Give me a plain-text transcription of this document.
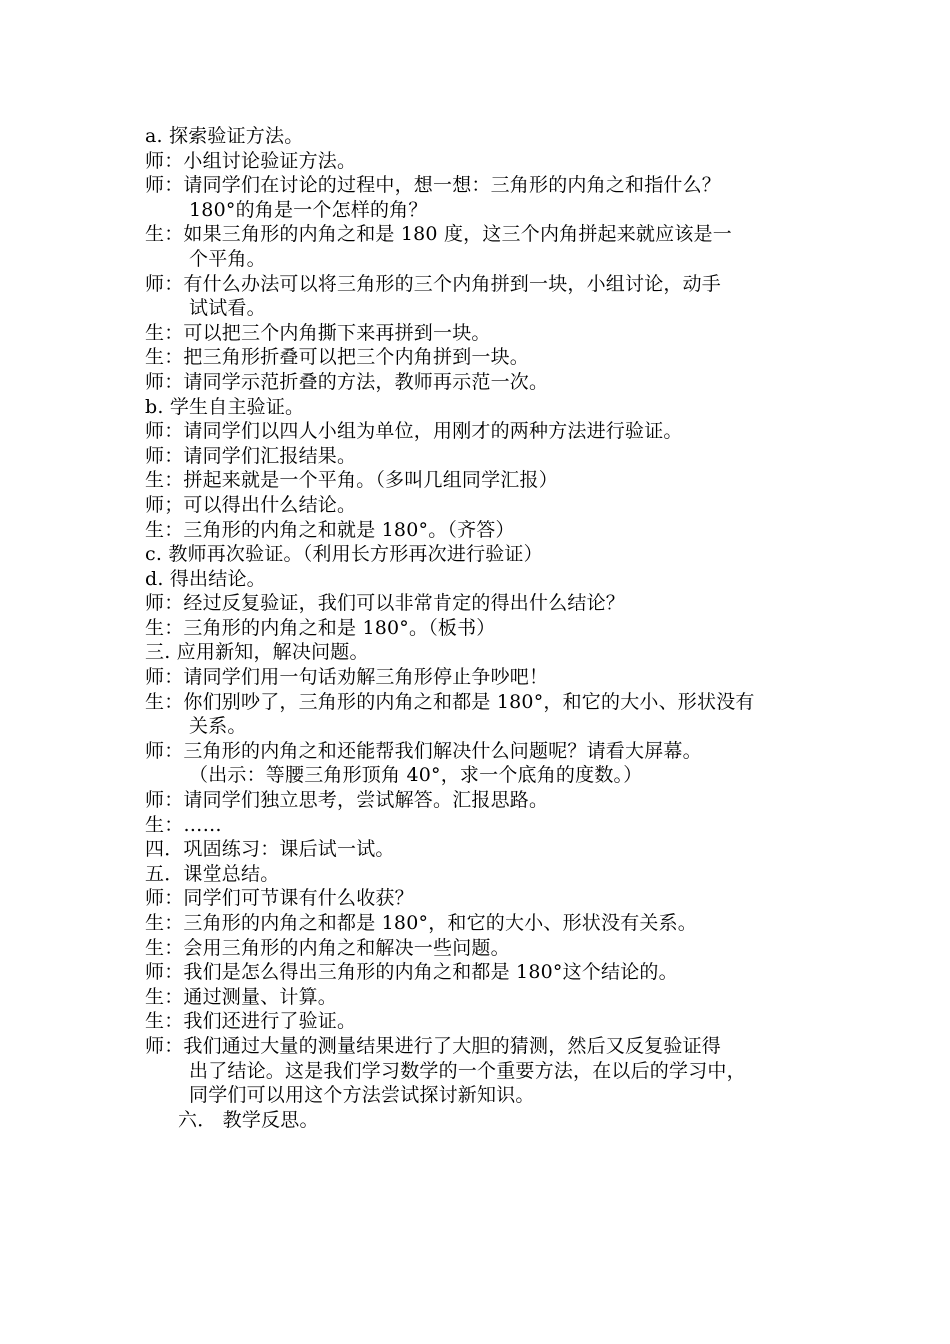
a. 探索验证方法。
师：小组讨论验证方法。
师：请同学们在讨论的过程中，想一想：三角形的内角之和指什么？
180°的角是一个怎样的角？
生：如果三角形的内角之和是 180 度，这三个内角拼起来就应该是一
个平角。
师：有什么办法可以将三角形的三个内角拼到一块，小组讨论，动手
试试看。
生：可以把三个内角撕下来再拼到一块。
生：把三角形折叠可以把三个内角拼到一块。
师：请同学示范折叠的方法，教师再示范一次。
b. 学生自主验证。
师：请同学们以四人小组为单位，用刚才的两种方法进行验证。
师：请同学们汇报结果。
生：拼起来就是一个平角。（多叫几组同学汇报）
师；可以得出什么结论。
生：三角形的内角之和就是 180°。（齐答）
c. 教师再次验证。（利用长方形再次进行验证）
d. 得出结论。
师：经过反复验证，我们可以非常肯定的得出什么结论？
生：三角形的内角之和是 180°。（板书）
三. 应用新知，解决问题。
师：请同学们用一句话劝解三角形停止争吵吧！
生：你们别吵了，三角形的内角之和都是 180°，和它的大小、形状没有
关系。
师：三角形的内角之和还能帮我们解决什么问题呢？请看大屏幕。
（出示：等腰三角形顶角 40°，求一个底角的度数。）
师：请同学们独立思考，尝试解答。汇报思路。
生：……
四．巩固练习：课后试一试。
五．课堂总结。
师：同学们可节课有什么收获？
生：三角形的内角之和都是 180°，和它的大小、形状没有关系。
生：会用三角形的内角之和解决一些问题。
师：我们是怎么得出三角形的内角之和都是 180°这个结论的。
生：通过测量、计算。
生：我们还进行了验证。
师：我们通过大量的测量结果进行了大胆的猜测，然后又反复验证得
出了结论。这是我们学习数学的一个重要方法，在以后的学习中，
同学们可以用这个方法尝试探讨新知识。
六． 教学反思。
